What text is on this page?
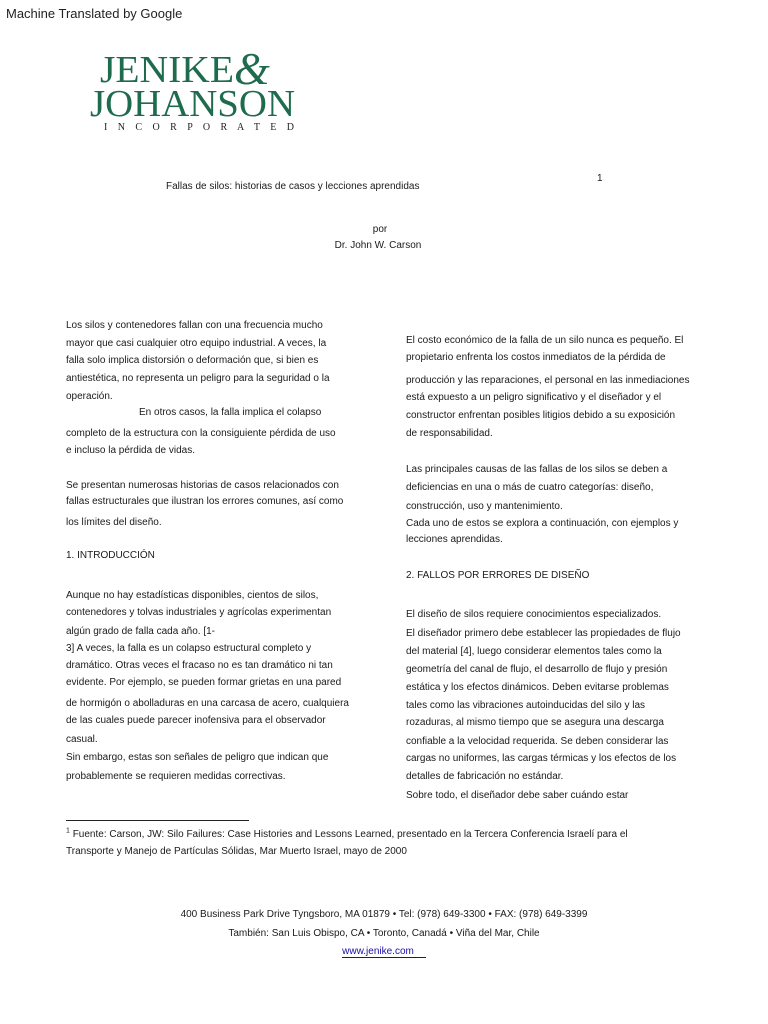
Machine Translated by Google
JENIKE &
JOHANSON
I N C O R P O R A T E D
1
Fallas de silos: historias de casos y lecciones aprendidas
por
Dr. John W. Carson
Los silos y contenedores fallan con una frecuencia mucho
mayor que casi cualquier otro equipo industrial. A veces, la
falla solo implica distorsión o deformación que, si bien es
antiestética, no representa un peligro para la seguridad o la
operación.
En otros casos, la falla implica el colapso
completo de la estructura con la consiguiente pérdida de uso
e incluso la pérdida de vidas.
Se presentan numerosas historias de casos relacionados con
fallas estructurales que ilustran los errores comunes, así como
los límites del diseño.
1. INTRODUCCIÓN
Aunque no hay estadísticas disponibles, cientos de silos,
contenedores y tolvas industriales y agrícolas experimentan
algún grado de falla cada año. [1-
3] A veces, la falla es un colapso estructural completo y
dramático. Otras veces el fracaso no es tan dramático ni tan
evidente. Por ejemplo, se pueden formar grietas en una pared
de hormigón o abolladuras en una carcasa de acero, cualquiera
de las cuales puede parecer inofensiva para el observador
casual.
Sin embargo, estas son señales de peligro que indican que
probablemente se requieren medidas correctivas.
El costo económico de la falla de un silo nunca es pequeño. El
propietario enfrenta los costos inmediatos de la pérdida de
producción y las reparaciones, el personal en las inmediaciones
está expuesto a un peligro significativo y el diseñador y el
constructor enfrentan posibles litigios debido a su exposición
de responsabilidad.
Las principales causas de las fallas de los silos se deben a
deficiencias en una o más de cuatro categorías: diseño,
construcción, uso y mantenimiento.
Cada uno de estos se explora a continuación, con ejemplos y
lecciones aprendidas.
2. FALLOS POR ERRORES DE DISEÑO
El diseño de silos requiere conocimientos especializados.
El diseñador primero debe establecer las propiedades de flujo
del material [4], luego considerar elementos tales como la
geometría del canal de flujo, el desarrollo de flujo y presión
estática y los efectos dinámicos. Deben evitarse problemas
tales como las vibraciones autoinducidas del silo y las
rozaduras, al mismo tiempo que se asegura una descarga
confiable a la velocidad requerida. Se deben considerar las
cargas no uniformes, las cargas térmicas y los efectos de los
detalles de fabricación no estándar.
Sobre todo, el diseñador debe saber cuándo estar
$^1$ Fuente: Carson, JW: Silo Failures: Case Histories and Lessons Learned, presentado en la Tercera Conferencia Israelí para el
Transporte y Manejo de Partículas Sólidas, Mar Muerto Israel, mayo de 2000
400 Business Park Drive Tyngsboro, MA 01879 • Tel: (978) 649-3300 • FAX: (978) 649-3399
También: San Luis Obispo, CA • Toronto, Canadá • Viña del Mar, Chile
www.jenike.com
